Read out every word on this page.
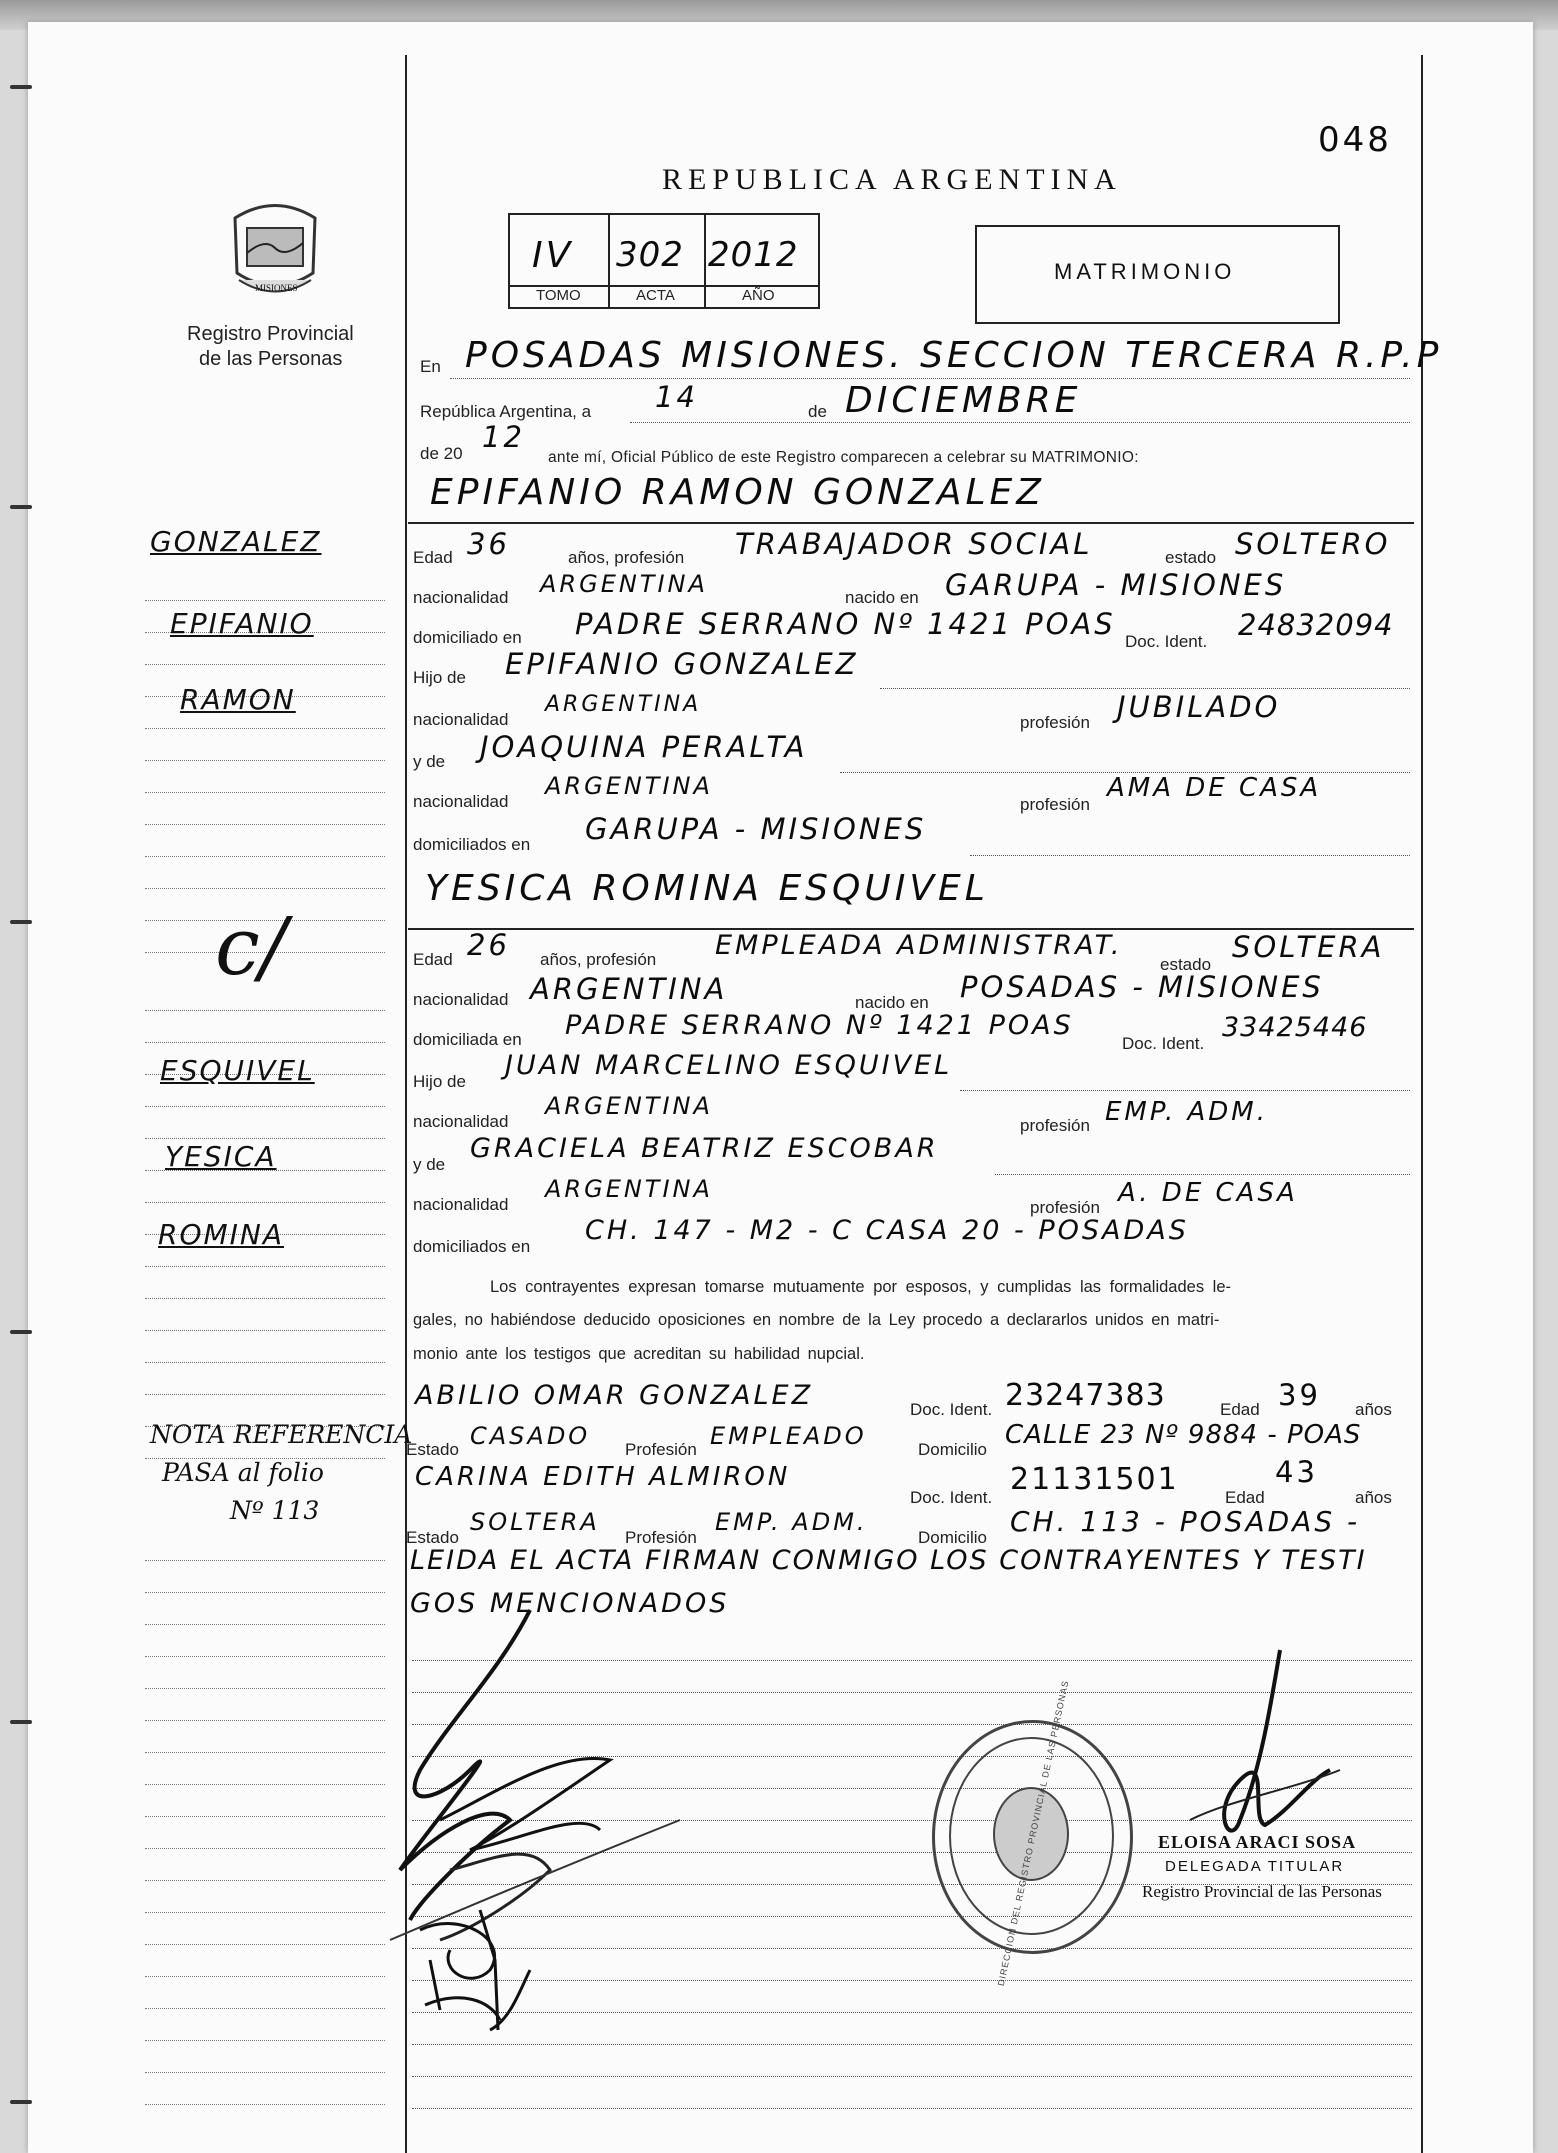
048
REPUBLICA ARGENTINA
MISIONES
Registro Provincial
de las Personas
IV 302 2012
TOMO	ACTA	AÑO
MATRIMONIO
En POSADAS MISIONES. SECCION TERCERA R.P.P
República Argentina, a 14	de DICIEMBRE
de 20 12
ante mí, Oficial Público de este Registro comparecen a celebrar su MATRIMONIO:
EPIFANIO RAMON GONZALEZ
GONZALEZ
EPIFANIO
RAMON
c/
ESQUIVEL
YESICA
ROMINA
NOTA REFERENCIA
PASA al folio
Nº 113
Edad 36	años, profesión TRABAJADOR SOCIAL	estado SOLTERO
nacionalidad ARGENTINA	nacido en GARUPA - MISIONES
domiciliado en PADRE SERRANO Nº 1421 POAS
Doc. Ident. 24832094
Hijo de EPIFANIO GONZALEZ
nacionalidad
ARGENTINA
profesión JUBILADO
y de JOAQUINA PERALTA
nacionalidad
ARGENTINA
profesión
AMA DE CASA
domiciliados en GARUPA - MISIONES
YESICA ROMINA ESQUIVEL
Edad 26 años, profesión EMPLEADA ADMINISTRAT.
estado
SOLTERA
nacionalidad ARGENTINA	nacido en POSADAS - MISIONES
domiciliada en PADRE SERRANO Nº 1421 POAS
Doc. Ident.
33425446
Hijo de
JUAN MARCELINO ESQUIVEL
nacionalidad
ARGENTINA
profesión EMP. ADM.
y de
GRACIELA BEATRIZ ESCOBAR
nacionalidad
ARGENTINA
profesión A. DE CASA
domiciliados en
CH. 147 - M2 - C CASA 20 - POSADAS
Los contrayentes expresan tomarse mutuamente por esposos, y cumplidas las formalidades le-
gales, no habiéndose deducido oposiciones en nombre de la Ley procedo a declararlos unidos en matri-
monio ante los testigos que acreditan su habilidad nupcial.
ABILIO OMAR GONZALEZ	Doc. Ident. 23247383	Edad 39 años
Estado CASADO Profesión EMPLEADO	Domicilio CALLE 23 Nº 9884 - POAS
CARINA EDITH ALMIRON
Doc. Ident.
21131501
Edad
43
años
Estado
SOLTERA
Profesión
EMP. ADM.
Domicilio CH. 113 - POSADAS -
LEIDA EL ACTA FIRMAN CONMIGO LOS CONTRAYENTES Y TESTI
GOS MENCIONADOS
DIRECCION DEL REGISTRO PROVINCIAL DE LAS PERSONAS	ELOISA ARACI SOSA
DELEGADA TITULAR
Registro Provincial de las Personas
